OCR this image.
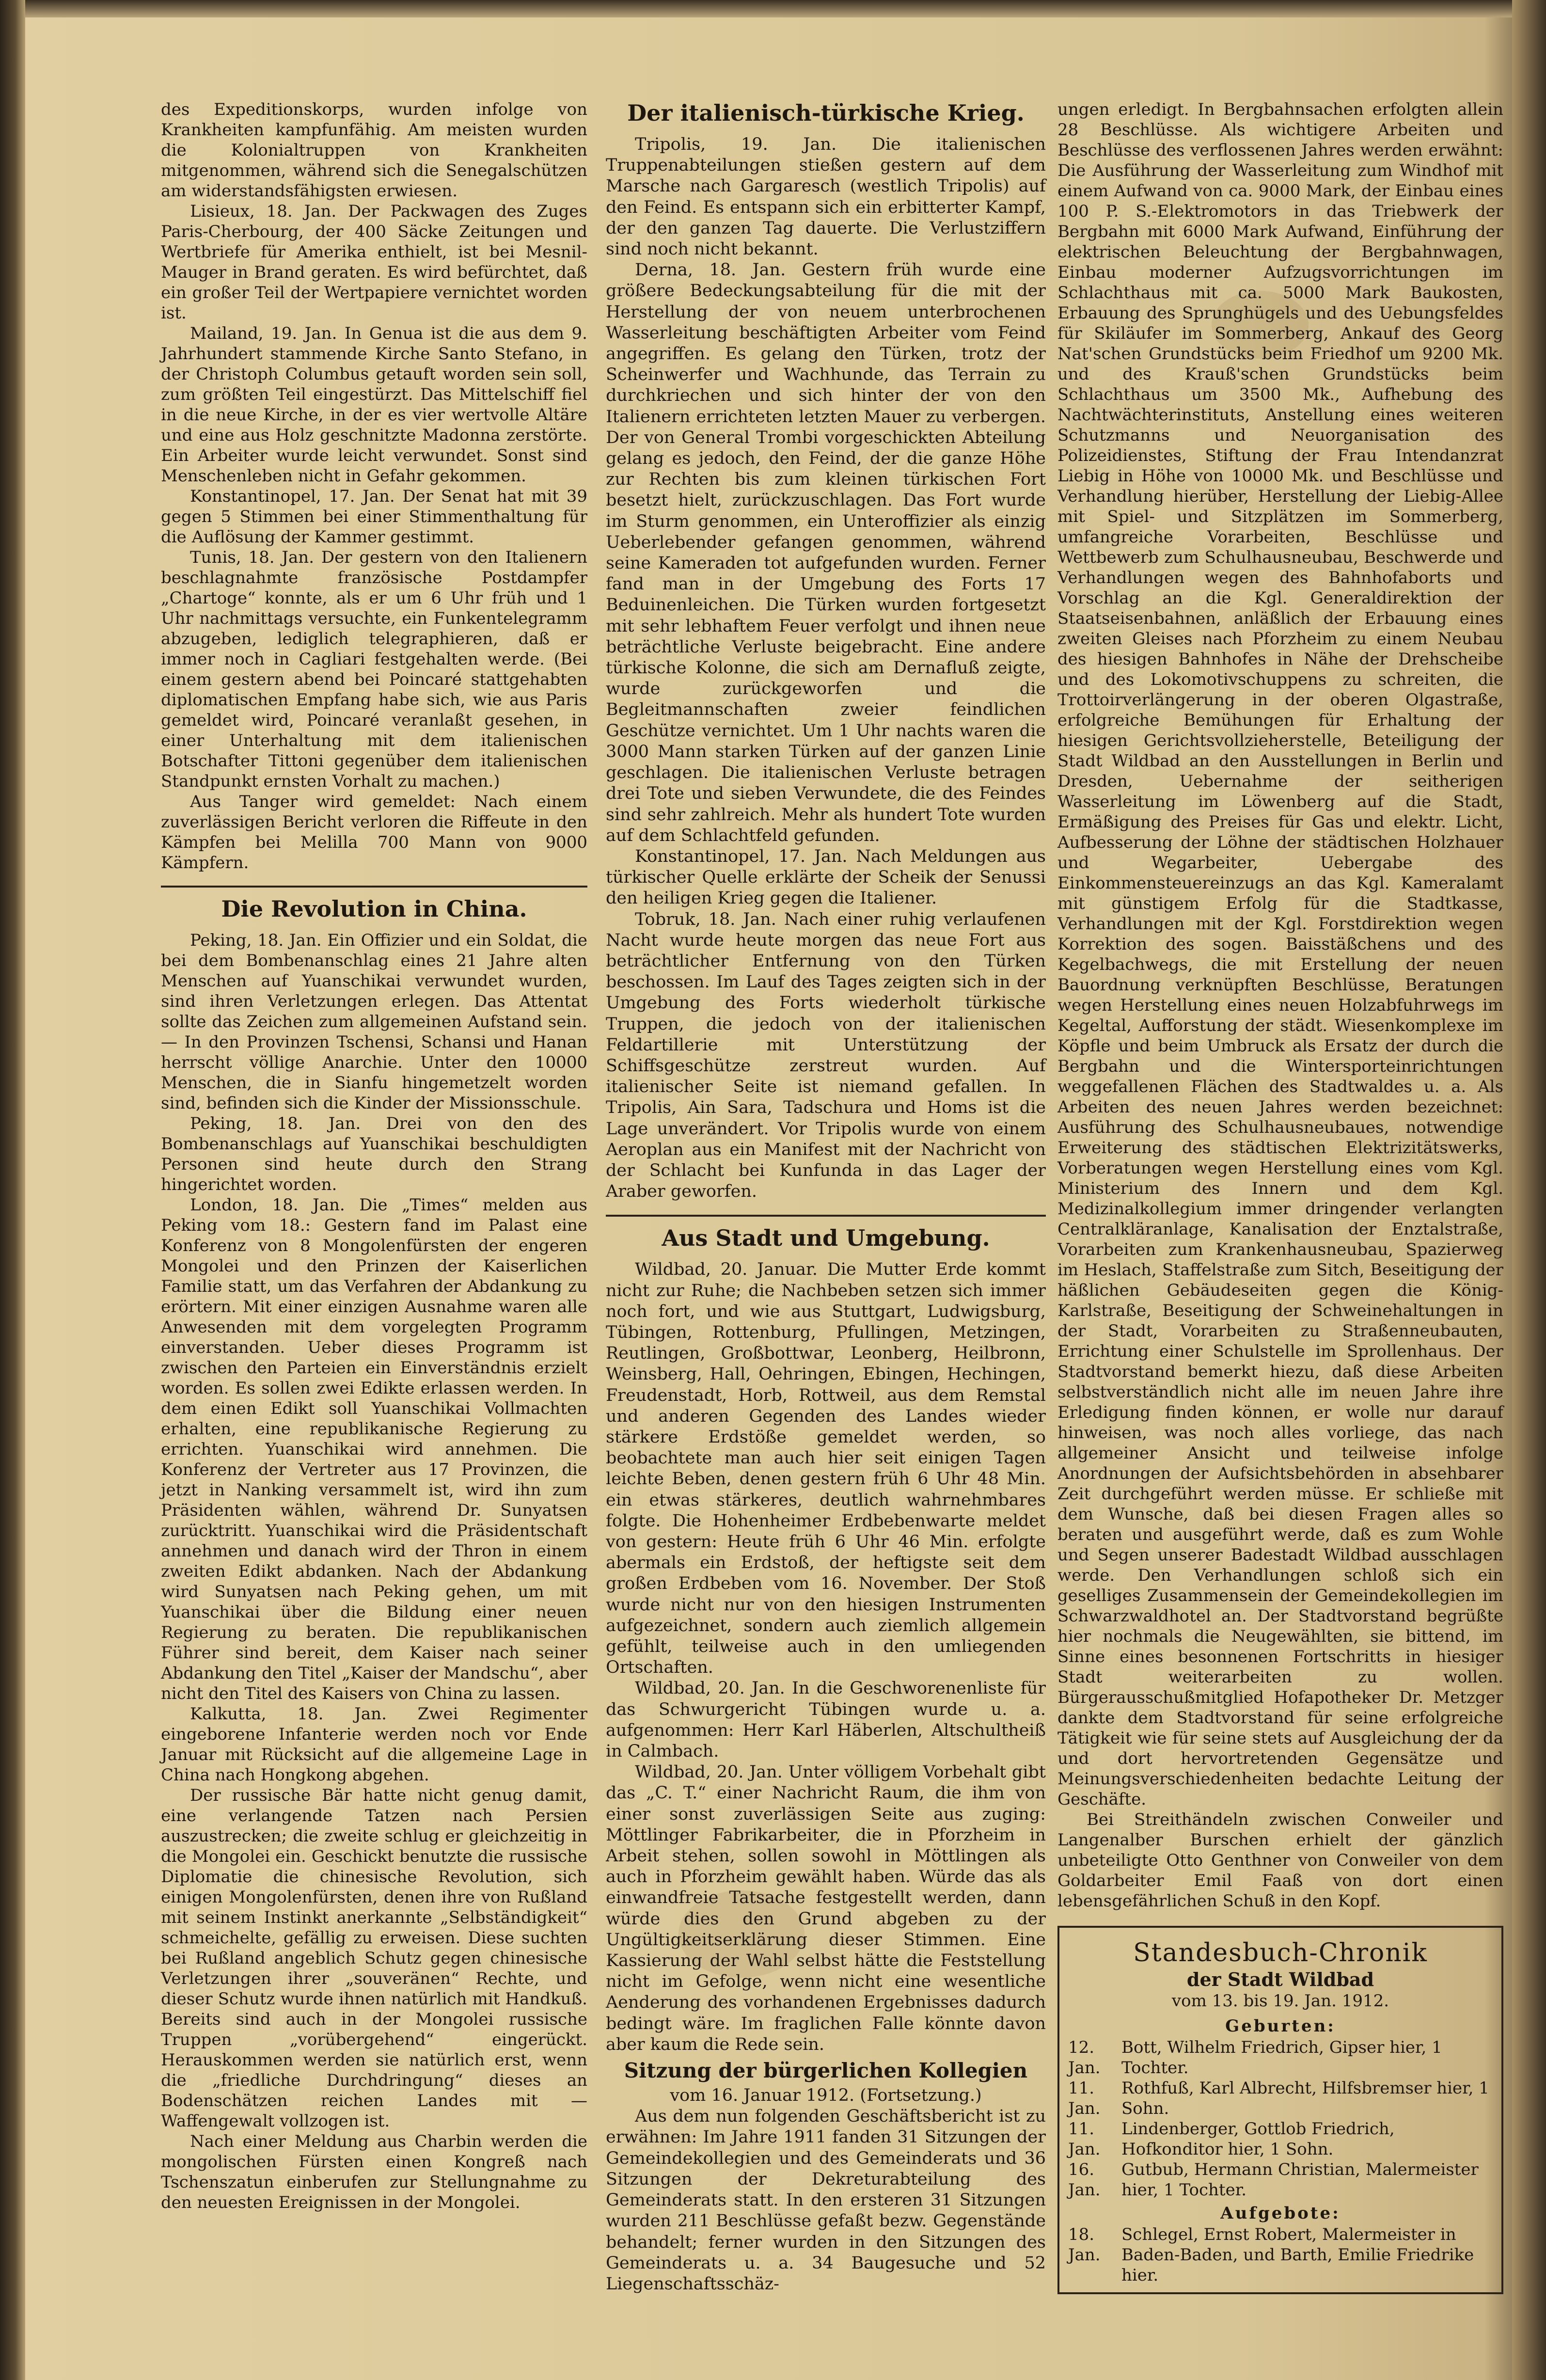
des Expeditionskorps, wurden infolge von Krankheiten kampfunfähig. Am meisten wurden die Kolonialtruppen von Krankheiten mitgenommen, während sich die Senegalschützen am widerstandsfähigsten erwiesen.

Lisieux, 18. Jan. Der Packwagen des Zuges Paris-Cherbourg, der 400 Säcke Zeitungen und Wertbriefe für Amerika enthielt, ist bei Mesnil-Mauger in Brand geraten. Es wird befürchtet, daß ein großer Teil der Wertpapiere vernichtet worden ist.

Mailand, 19. Jan. In Genua ist die aus dem 9. Jahrhundert stammende Kirche Santo Stefano, in der Christoph Columbus getauft worden sein soll, zum größten Teil eingestürzt. Das Mittelschiff fiel in die neue Kirche, in der es vier wertvolle Altäre und eine aus Holz geschnitzte Madonna zerstörte. Ein Arbeiter wurde leicht verwundet. Sonst sind Menschenleben nicht in Gefahr gekommen.

Konstantinopel, 17. Jan. Der Senat hat mit 39 gegen 5 Stimmen bei einer Stimmenthaltung für die Auflösung der Kammer gestimmt.

Tunis, 18. Jan. Der gestern von den Italienern beschlagnahmte französische Postdampfer „Chartoge“ konnte, als er um 6 Uhr früh und 1 Uhr nachmittags versuchte, ein Funkentelegramm abzugeben, lediglich telegraphieren, daß er immer noch in Cagliari festgehalten werde. (Bei einem gestern abend bei Poincaré stattgehabten diplomatischen Empfang habe sich, wie aus Paris gemeldet wird, Poincaré veranlaßt gesehen, in einer Unterhaltung mit dem italienischen Botschafter Tittoni gegenüber dem italienischen Standpunkt ernsten Vorhalt zu machen.)

Aus Tanger wird gemeldet: Nach einem zuverlässigen Bericht verloren die Riffeute in den Kämpfen bei Melilla 700 Mann von 9000 Kämpfern.

Die Revolution in China.

Peking, 18. Jan. Ein Offizier und ein Soldat, die bei dem Bombenanschlag eines 21 Jahre alten Menschen auf Yuanschikai verwundet wurden, sind ihren Verletzungen erlegen. Das Attentat sollte das Zeichen zum allgemeinen Aufstand sein. — In den Provinzen Tschensi, Schansi und Hanan herrscht völlige Anarchie. Unter den 10000 Menschen, die in Sianfu hingemetzelt worden sind, befinden sich die Kinder der Missionsschule.

Peking, 18. Jan. Drei von den des Bombenanschlags auf Yuanschikai beschuldigten Personen sind heute durch den Strang hingerichtet worden.

London, 18. Jan. Die „Times“ melden aus Peking vom 18.: Gestern fand im Palast eine Konferenz von 8 Mongolenfürsten der engeren Mongolei und den Prinzen der Kaiserlichen Familie statt, um das Verfahren der Abdankung zu erörtern. Mit einer einzigen Ausnahme waren alle Anwesenden mit dem vorgelegten Programm einverstanden. Ueber dieses Programm ist zwischen den Parteien ein Einverständnis erzielt worden. Es sollen zwei Edikte erlassen werden. In dem einen Edikt soll Yuanschikai Vollmachten erhalten, eine republikanische Regierung zu errichten. Yuanschikai wird annehmen. Die Konferenz der Vertreter aus 17 Provinzen, die jetzt in Nanking versammelt ist, wird ihn zum Präsidenten wählen, während Dr. Sunyatsen zurücktritt. Yuanschikai wird die Präsidentschaft annehmen und danach wird der Thron in einem zweiten Edikt abdanken. Nach der Abdankung wird Sunyatsen nach Peking gehen, um mit Yuanschikai über die Bildung einer neuen Regierung zu beraten. Die republikanischen Führer sind bereit, dem Kaiser nach seiner Abdankung den Titel „Kaiser der Mandschu“, aber nicht den Titel des Kaisers von China zu lassen.

Kalkutta, 18. Jan. Zwei Regimenter eingeborene Infanterie werden noch vor Ende Januar mit Rücksicht auf die allgemeine Lage in China nach Hongkong abgehen.

Der russische Bär hatte nicht genug damit, eine verlangende Tatzen nach Persien auszustrecken; die zweite schlug er gleichzeitig in die Mongolei ein. Geschickt benutzte die russische Diplomatie die chinesische Revolution, sich einigen Mongolenfürsten, denen ihre von Rußland mit seinem Instinkt anerkannte „Selbständigkeit“ schmeichelte, gefällig zu erweisen. Diese suchten bei Rußland angeblich Schutz gegen chinesische Verletzungen ihrer „souveränen“ Rechte, und dieser Schutz wurde ihnen natürlich mit Handkuß. Bereits sind auch in der Mongolei russische Truppen „vorübergehend“ eingerückt. Herauskommen werden sie natürlich erst, wenn die „friedliche Durchdringung“ dieses an Bodenschätzen reichen Landes mit — Waffengewalt vollzogen ist.

Nach einer Meldung aus Charbin werden die mongolischen Fürsten einen Kongreß nach Tschenszatun einberufen zur Stellungnahme zu den neuesten Ereignissen in der Mongolei.

Der italienisch-türkische Krieg.

Tripolis, 19. Jan. Die italienischen Truppenabteilungen stießen gestern auf dem Marsche nach Gargaresch (westlich Tripolis) auf den Feind. Es entspann sich ein erbitterter Kampf, der den ganzen Tag dauerte. Die Verlustziffern sind noch nicht bekannt.

Derna, 18. Jan. Gestern früh wurde eine größere Bedeckungsabteilung für die mit der Herstellung der von neuem unterbrochenen Wasserleitung beschäftigten Arbeiter vom Feind angegriffen. Es gelang den Türken, trotz der Scheinwerfer und Wachhunde, das Terrain zu durchkriechen und sich hinter der von den Italienern errichteten letzten Mauer zu verbergen. Der von General Trombi vorgeschickten Abteilung gelang es jedoch, den Feind, der die ganze Höhe zur Rechten bis zum kleinen türkischen Fort besetzt hielt, zurückzuschlagen. Das Fort wurde im Sturm genommen, ein Unteroffizier als einzig Ueberlebender gefangen genommen, während seine Kameraden tot aufgefunden wurden. Ferner fand man in der Umgebung des Forts 17 Beduinenleichen. Die Türken wurden fortgesetzt mit sehr lebhaftem Feuer verfolgt und ihnen neue beträchtliche Verluste beigebracht. Eine andere türkische Kolonne, die sich am Dernafluß zeigte, wurde zurückgeworfen und die Begleitmannschaften zweier feindlichen Geschütze vernichtet. Um 1 Uhr nachts waren die 3000 Mann starken Türken auf der ganzen Linie geschlagen. Die italienischen Verluste betragen drei Tote und sieben Verwundete, die des Feindes sind sehr zahlreich. Mehr als hundert Tote wurden auf dem Schlachtfeld gefunden.

Konstantinopel, 17. Jan. Nach Meldungen aus türkischer Quelle erklärte der Scheik der Senussi den heiligen Krieg gegen die Italiener.

Tobruk, 18. Jan. Nach einer ruhig verlaufenen Nacht wurde heute morgen das neue Fort aus beträchtlicher Entfernung von den Türken beschossen. Im Lauf des Tages zeigten sich in der Umgebung des Forts wiederholt türkische Truppen, die jedoch von der italienischen Feldartillerie mit Unterstützung der Schiffsgeschütze zerstreut wurden. Auf italienischer Seite ist niemand gefallen. In Tripolis, Ain Sara, Tadschura und Homs ist die Lage unverändert. Vor Tripolis wurde von einem Aeroplan aus ein Manifest mit der Nachricht von der Schlacht bei Kunfunda in das Lager der Araber geworfen.

Aus Stadt und Umgebung.

Wildbad, 20. Januar. Die Mutter Erde kommt nicht zur Ruhe; die Nachbeben setzen sich immer noch fort, und wie aus Stuttgart, Ludwigsburg, Tübingen, Rottenburg, Pfullingen, Metzingen, Reutlingen, Großbottwar, Leonberg, Heilbronn, Weinsberg, Hall, Oehringen, Ebingen, Hechingen, Freudenstadt, Horb, Rottweil, aus dem Remstal und anderen Gegenden des Landes wieder stärkere Erdstöße gemeldet werden, so beobachtete man auch hier seit einigen Tagen leichte Beben, denen gestern früh 6 Uhr 48 Min. ein etwas stärkeres, deutlich wahrnehmbares folgte. Die Hohenheimer Erdbebenwarte meldet von gestern: Heute früh 6 Uhr 46 Min. erfolgte abermals ein Erdstoß, der heftigste seit dem großen Erdbeben vom 16. November. Der Stoß wurde nicht nur von den hiesigen Instrumenten aufgezeichnet, sondern auch ziemlich allgemein gefühlt, teilweise auch in den umliegenden Ortschaften.

Wildbad, 20. Jan. In die Geschworenenliste für das Schwurgericht Tübingen wurde u. a. aufgenommen: Herr Karl Häberlen, Altschultheiß in Calmbach.

Wildbad, 20. Jan. Unter völligem Vorbehalt gibt das „C. T.“ einer Nachricht Raum, die ihm von einer sonst zuverlässigen Seite aus zuging: Möttlinger Fabrikarbeiter, die in Pforzheim in Arbeit stehen, sollen sowohl in Möttlingen als auch in Pforzheim gewählt haben. Würde das als einwandfreie Tatsache festgestellt werden, dann würde dies den Grund abgeben zu der Ungültigkeitserklärung dieser Stimmen. Eine Kassierung der Wahl selbst hätte die Feststellung nicht im Gefolge, wenn nicht eine wesentliche Aenderung des vorhandenen Ergebnisses dadurch bedingt wäre. Im fraglichen Falle könnte davon aber kaum die Rede sein.

Sitzung der bürgerlichen Kollegien

vom 16. Januar 1912. (Fortsetzung.)

Aus dem nun folgenden Geschäftsbericht ist zu erwähnen: Im Jahre 1911 fanden 31 Sitzungen der Gemeindekollegien und des Gemeinderats und 36 Sitzungen der Dekreturabteilung des Gemeinderats statt. In den ersteren 31 Sitzungen wurden 211 Beschlüsse gefaßt bezw. Gegenstände behandelt; ferner wurden in den Sitzungen des Gemeinderats u. a. 34 Baugesuche und 52 Liegenschaftsschäz-

ungen erledigt. In Bergbahnsachen erfolgten allein 28 Beschlüsse. Als wichtigere Arbeiten und Beschlüsse des verflossenen Jahres werden erwähnt: Die Ausführung der Wasserleitung zum Windhof mit einem Aufwand von ca. 9000 Mark, der Einbau eines 100 P. S.-Elektromotors in das Triebwerk der Bergbahn mit 6000 Mark Aufwand, Einführung der elektrischen Beleuchtung der Bergbahnwagen, Einbau moderner Aufzugsvorrichtungen im Schlachthaus mit ca. 5000 Mark Baukosten, Erbauung des Sprunghügels und des Uebungsfeldes für Skiläufer im Sommerberg, Ankauf des Georg Nat'schen Grundstücks beim Friedhof um 9200 Mk. und des Krauß'schen Grundstücks beim Schlachthaus um 3500 Mk., Aufhebung des Nachtwächterinstituts, Anstellung eines weiteren Schutzmanns und Neuorganisation des Polizeidienstes, Stiftung der Frau Intendanzrat Liebig in Höhe von 10000 Mk. und Beschlüsse und Verhandlung hierüber, Herstellung der Liebig-Allee mit Spiel- und Sitzplätzen im Sommerberg, umfangreiche Vorarbeiten, Beschlüsse und Wettbewerb zum Schulhausneubau, Beschwerde und Verhandlungen wegen des Bahnhofaborts und Vorschlag an die Kgl. Generaldirektion der Staatseisenbahnen, anläßlich der Erbauung eines zweiten Gleises nach Pforzheim zu einem Neubau des hiesigen Bahnhofes in Nähe der Drehscheibe und des Lokomotivschuppens zu schreiten, die Trottoirverlängerung in der oberen Olgastraße, erfolgreiche Bemühungen für Erhaltung der hiesigen Gerichtsvollzieherstelle, Beteiligung der Stadt Wildbad an den Ausstellungen in Berlin und Dresden, Uebernahme der seitherigen Wasserleitung im Löwenberg auf die Stadt, Ermäßigung des Preises für Gas und elektr. Licht, Aufbesserung der Löhne der städtischen Holzhauer und Wegarbeiter, Uebergabe des Einkommensteuereinzugs an das Kgl. Kameralamt mit günstigem Erfolg für die Stadtkasse, Verhandlungen mit der Kgl. Forstdirektion wegen Korrektion des sogen. Baisstäßchens und des Kegelbachwegs, die mit Erstellung der neuen Bauordnung verknüpften Beschlüsse, Beratungen wegen Herstellung eines neuen Holzabfuhrwegs im Kegeltal, Aufforstung der städt. Wiesenkomplexe im Köpfle und beim Umbruck als Ersatz der durch die Bergbahn und die Wintersporteinrichtungen weggefallenen Flächen des Stadtwaldes u. a. Als Arbeiten des neuen Jahres werden bezeichnet: Ausführung des Schulhausneubaues, notwendige Erweiterung des städtischen Elektrizitätswerks, Vorberatungen wegen Herstellung eines vom Kgl. Ministerium des Innern und dem Kgl. Medizinalkollegium immer dringender verlangten Centralkläranlage, Kanalisation der Enztalstraße, Vorarbeiten zum Krankenhausneubau, Spazierweg im Heslach, Staffelstraße zum Sitch, Beseitigung der häßlichen Gebäudeseiten gegen die König-Karlstraße, Beseitigung der Schweinehaltungen in der Stadt, Vorarbeiten zu Straßenneubauten, Errichtung einer Schulstelle im Sprollenhaus. Der Stadtvorstand bemerkt hiezu, daß diese Arbeiten selbstverständlich nicht alle im neuen Jahre ihre Erledigung finden können, er wolle nur darauf hinweisen, was noch alles vorliege, das nach allgemeiner Ansicht und teilweise infolge Anordnungen der Aufsichtsbehörden in absehbarer Zeit durchgeführt werden müsse. Er schließe mit dem Wunsche, daß bei diesen Fragen alles so beraten und ausgeführt werde, daß es zum Wohle und Segen unserer Badestadt Wildbad ausschlagen werde. Den Verhandlungen schloß sich ein geselliges Zusammensein der Gemeindekollegien im Schwarzwaldhotel an. Der Stadtvorstand begrüßte hier nochmals die Neugewählten, sie bittend, im Sinne eines besonnenen Fortschritts in hiesiger Stadt weiterarbeiten zu wollen. Bürgerausschußmitglied Hofapotheker Dr. Metzger dankte dem Stadtvorstand für seine erfolgreiche Tätigkeit wie für seine stets auf Ausgleichung der da und dort hervortretenden Gegensätze und Meinungsverschiedenheiten bedachte Leitung der Geschäfte.

Bei Streithändeln zwischen Conweiler und Langenalber Burschen erhielt der gänzlich unbeteiligte Otto Genthner von Conweiler von dem Goldarbeiter Emil Faaß von dort einen lebensgefährlichen Schuß in den Kopf.

Standesbuch-Chronik
der Stadt Wildbad
vom 13. bis 19. Jan. 1912.
Geburten:
12. Jan.
Bott, Wilhelm Friedrich, Gipser hier, 1 Tochter.
11. Jan.
Rothfuß, Karl Albrecht, Hilfsbremser hier, 1 Sohn.
11. Jan.
Lindenberger, Gottlob Friedrich, Hofkonditor hier, 1 Sohn.
16. Jan.
Gutbub, Hermann Christian, Malermeister hier, 1 Tochter.
Aufgebote:
18. Jan.
Schlegel, Ernst Robert, Malermeister in Baden-Baden, und Barth, Emilie Friedrike hier.
